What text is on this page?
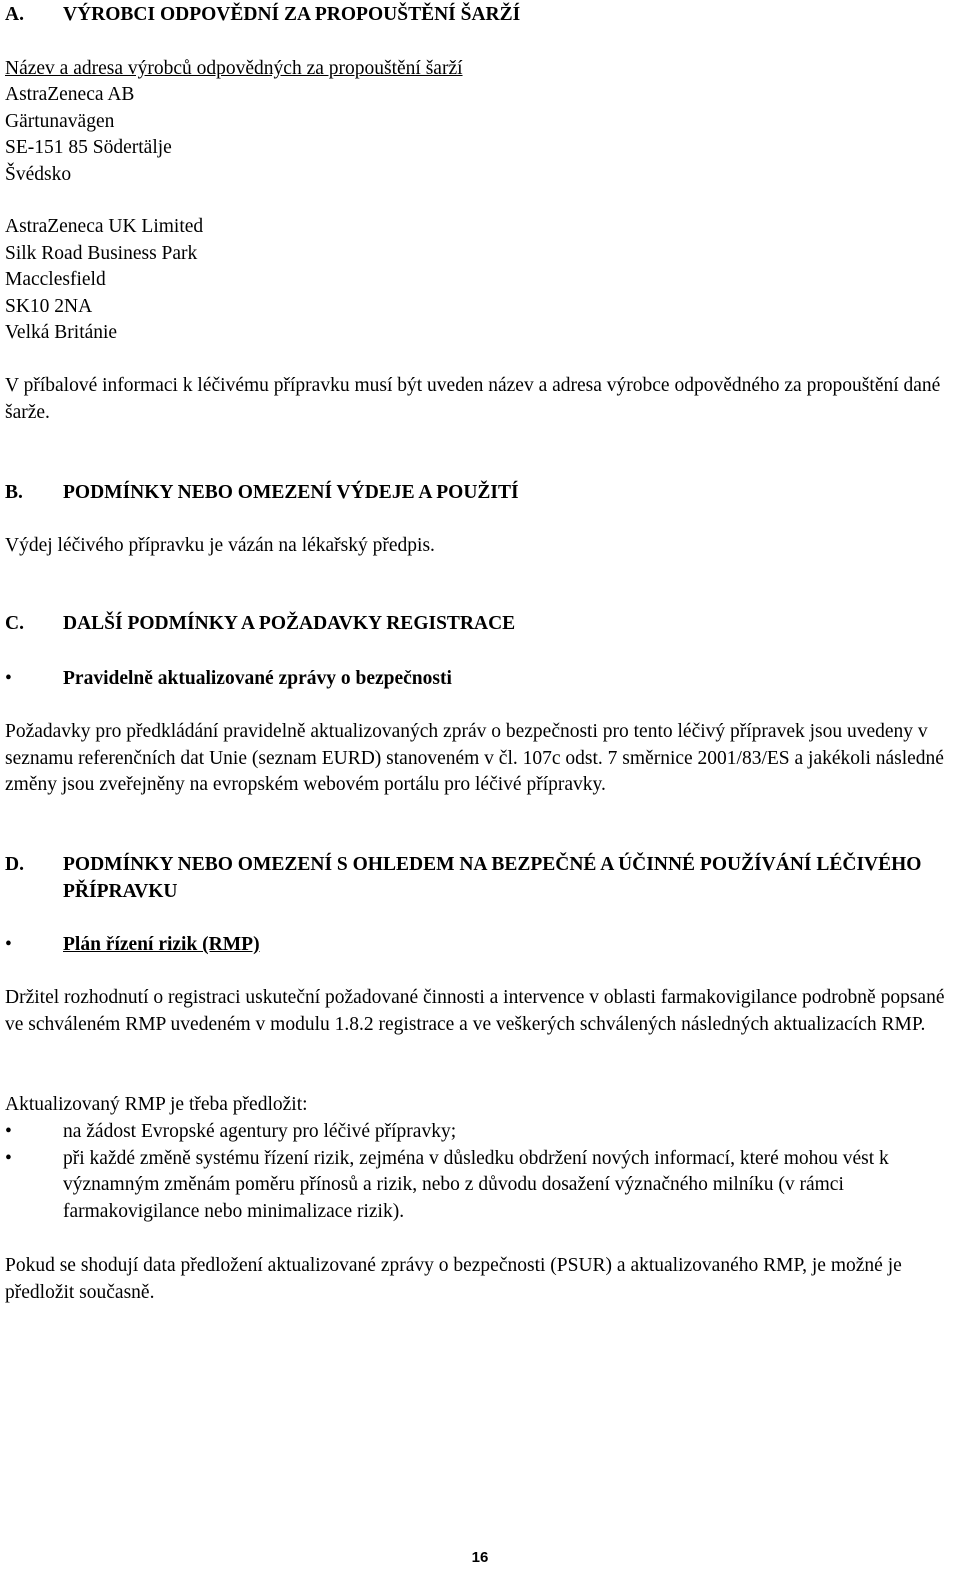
A.	VÝROBCI ODPOVĚDNÍ ZA PROPOUŠTĚNÍ ŠARŽÍ

Název a adresa výrobců odpovědných za propouštění šarží

AstraZeneca AB

Gärtunavägen

SE-151 85 Södertälje

Švédsko

AstraZeneca UK Limited

Silk Road Business Park

Macclesfield

SK10 2NA

Velká Británie

V příbalové informaci k léčivému přípravku musí být uveden název a adresa výrobce odpovědného za propouštění dané šarže.

B.	PODMÍNKY NEBO OMEZENÍ VÝDEJE A POUŽITÍ

Výdej léčivého přípravku je vázán na lékařský předpis.

C.	DALŠÍ PODMÍNKY A POŽADAVKY REGISTRACE
•	Pravidelně aktualizované zprávy o bezpečnosti

Požadavky pro předkládání pravidelně aktualizovaných zpráv o bezpečnosti pro tento léčivý přípravek jsou uvedeny v seznamu referenčních dat Unie (seznam EURD) stanoveném v čl. 107c odst. 7 směrnice 2001/83/ES a jakékoli následné změny jsou zveřejněny na evropském webovém portálu pro léčivé přípravky.

D.	PODMÍNKY NEBO OMEZENÍ S OHLEDEM NA BEZPEČNÉ A ÚČINNÉ POUŽÍVÁNÍ LÉČIVÉHO PŘÍPRAVKU
•	Plán řízení rizik (RMP)

Držitel rozhodnutí o registraci uskuteční požadované činnosti a intervence v oblasti farmakovigilance podrobně popsané ve schváleném RMP uvedeném v modulu 1.8.2 registrace a ve veškerých schválených následných aktualizacích RMP.

Aktualizovaný RMP je třeba předložit:

•	na žádost Evropské agentury pro léčivé přípravky;
•	při každé změně systému řízení rizik, zejména v důsledku obdržení nových informací, které mohou vést k významným změnám poměru přínosů a rizik, nebo z důvodu dosažení význačného milníku (v rámci farmakovigilance nebo minimalizace rizik).

Pokud se shodují data předložení aktualizované zprávy o bezpečnosti (PSUR) a aktualizovaného RMP, je možné je předložit současně.

16
